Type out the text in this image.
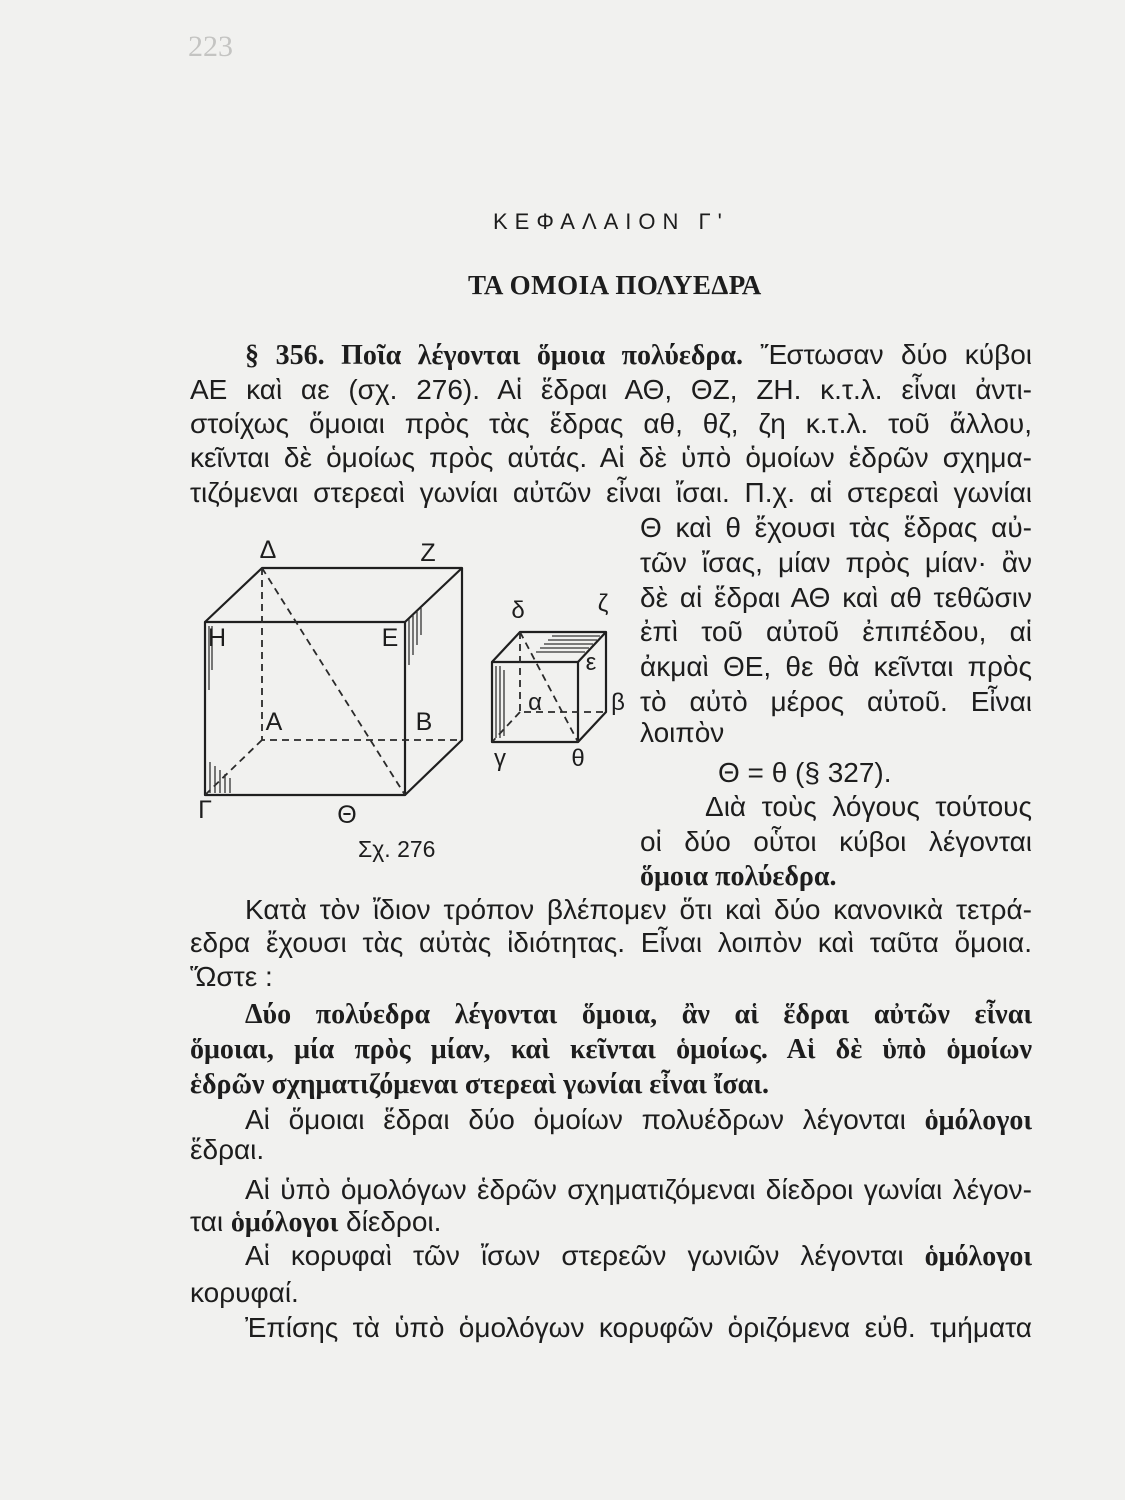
223
ΚΕΦΑΛΑΙΟΝ Γ'
ΤΑ ΟΜΟΙΑ ΠΟΛΥΕΔΡΑ
§ 356. Ποῖα λέγονται ὅμοια πολύεδρα. Ἔστωσαν δύο κύβοι
ΑΕ καὶ αε (σχ. 276). Αἱ ἕδραι ΑΘ, ΘΖ, ΖΗ. κ.τ.λ. εἶναι ἀντι-
στοίχως ὅμοιαι πρὸς τὰς ἕδρας αθ, θζ, ζη κ.τ.λ. τοῦ ἄλλου,
κεῖνται δὲ ὁμοίως πρὸς αὐτάς. Αἱ δὲ ὑπὸ ὁμοίων ἑδρῶν σχημα-
τιζόμεναι στερεαὶ γωνίαι αὐτῶν εἶναι ἴσαι. Π.χ. αἱ στερεαὶ γωνίαι
Θ καὶ θ ἔχουσι τὰς ἕδρας αὐ-
τῶν ἴσας, μίαν πρὸς μίαν· ἂν
δὲ αἱ ἕδραι ΑΘ καὶ αθ τεθῶσιν
ἐπὶ τοῦ αὐτοῦ ἐπιπέδου, αἱ
ἀκμαὶ ΘΕ, θε θὰ κεῖνται πρὸς
τὸ αὐτὸ μέρος αὐτοῦ. Εἶναι
λοιπὸν
Θ = θ (§ 327).
Διὰ τοὺς λόγους τούτους
οἱ δύο οὗτοι κύβοι λέγονται
ὅμοια πολύεδρα.
Δ	Ζ
Η	Ε
Α	Β
Γ	Θ
δ	ζ
ε
α	β
γ	θ
Σχ. 276
Κατὰ τὸν ἴδιον τρόπον βλέπομεν ὅτι καὶ δύο κανονικὰ τετρά-
εδρα ἔχουσι τὰς αὐτὰς ἰδιότητας. Εἶναι λοιπὸν καὶ ταῦτα ὅμοια.
Ὥστε :
Δύο πολύεδρα λέγονται ὅμοια, ἂν αἱ ἕδραι αὐτῶν εἶναι
ὅμοιαι, μία πρὸς μίαν, καὶ κεῖνται ὁμοίως. Αἱ δὲ ὑπὸ ὁμοίων
ἑδρῶν σχηματιζόμεναι στερεαὶ γωνίαι εἶναι ἴσαι.
Αἱ ὅμοιαι ἕδραι δύο ὁμοίων πολυέδρων λέγονται ὁμόλογοι
ἕδραι.
Αἱ ὑπὸ ὁμολόγων ἑδρῶν σχηματιζόμεναι δίεδροι γωνίαι λέγον-
ται ὁμόλογοι δίεδροι.
Αἱ κορυφαὶ τῶν ἴσων στερεῶν γωνιῶν λέγονται ὁμόλογοι
κορυφαί.
Ἐπίσης τὰ ὑπὸ ὁμολόγων κορυφῶν ὁριζόμενα εὐθ. τμήματα
